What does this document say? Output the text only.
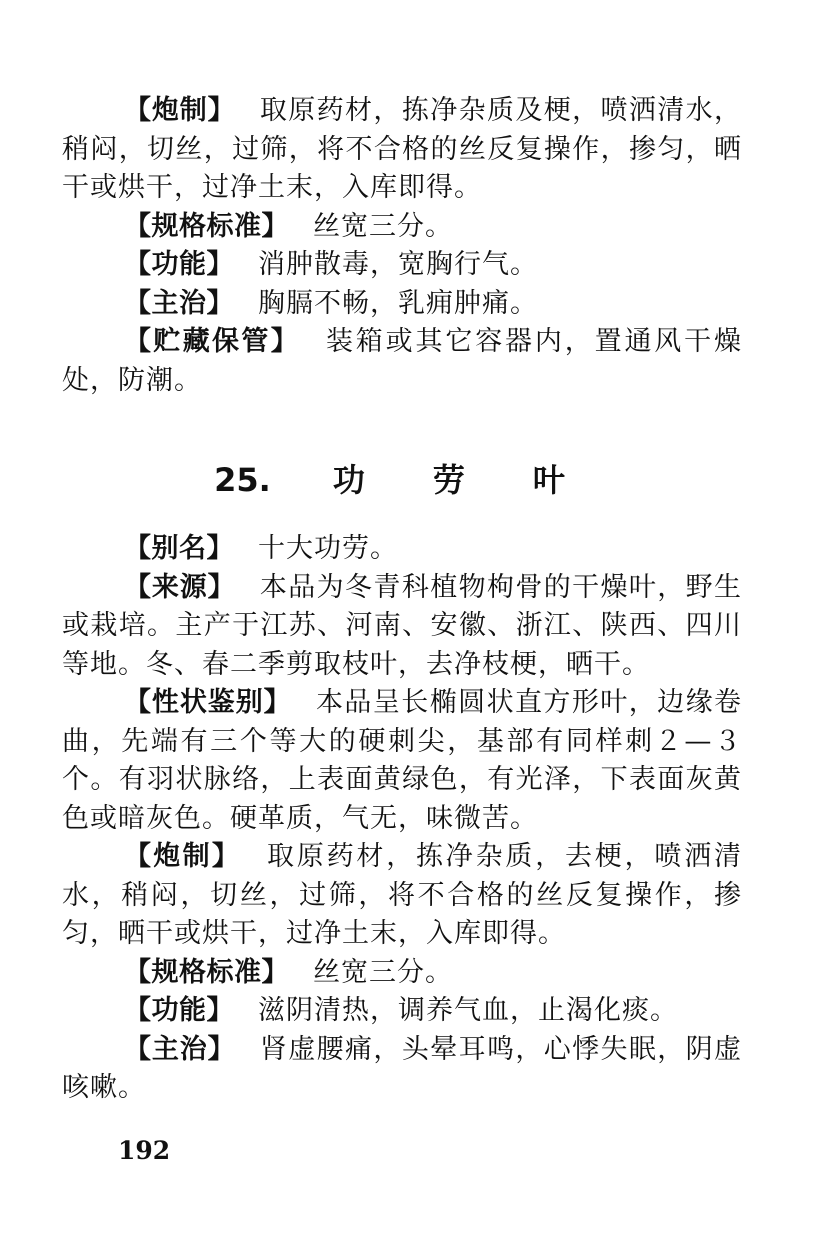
【炮制】 取原药材，拣净杂质及梗，喷洒清水，稍闷，切丝，过筛，将不合格的丝反复操作，掺匀，晒干或烘干，过净土末，入库即得。

【规格标准】 丝宽三分。

【功能】 消肿散毒，宽胸行气。

【主治】 胸膈不畅，乳痈肿痛。

【贮藏保管】 装箱或其它容器内，置通风干燥处，防潮。

25. 功 劳 叶

【别名】 十大功劳。

【来源】 本品为冬青科植物枸骨的干燥叶，野生或栽培。主产于江苏、河南、安徽、浙江、陕西、四川等地。冬、春二季剪取枝叶，去净枝梗，晒干。

【性状鉴别】 本品呈长椭圆状直方形叶，边缘卷曲，先端有三个等大的硬刺尖，基部有同样刺２—３个。有羽状脉络，上表面黄绿色，有光泽，下表面灰黄色或暗灰色。硬革质，气无，味微苦。

【炮制】 取原药材，拣净杂质，去梗，喷洒清水，稍闷，切丝，过筛，将不合格的丝反复操作，掺匀，晒干或烘干，过净土末，入库即得。

【规格标准】 丝宽三分。

【功能】 滋阴清热，调养气血，止渴化痰。

【主治】 肾虚腰痛，头晕耳鸣，心悸失眠，阴虚咳嗽。

192
